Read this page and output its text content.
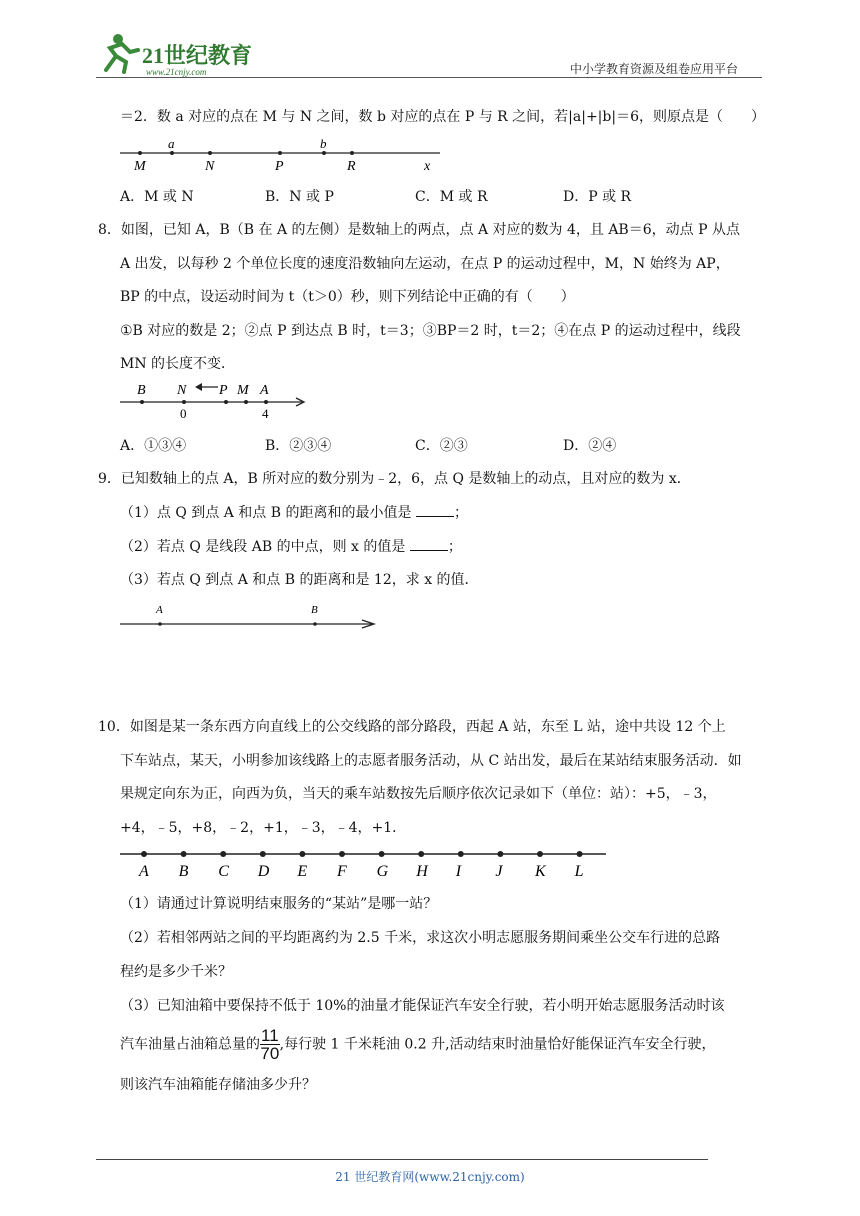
21世纪教育
www.21cnjy.com	中小学教育资源及组卷应用平台
＝2．数 a 对应的点在 M 与 N 之间，数 b 对应的点在 P 与 R 之间，若|a|+|b|＝6，则原点是（　　）
a	b
M	N	P	R	x
A．M 或 N	B．N 或 P	C．M 或 R	D．P 或 R
8．如图，已知 A，B（B 在 A 的左侧）是数轴上的两点，点 A 对应的数为 4，且 AB＝6，动点 P 从点
A 出发，以每秒 2 个单位长度的速度沿数轴向左运动，在点 P 的运动过程中，M，N 始终为 AP，
BP 的中点，设运动时间为 t（t＞0）秒，则下列结论中正确的有（　　）
①B 对应的数是 2；②点 P 到达点 B 时，t＝3；③BP＝2 时，t＝2；④在点 P 的运动过程中，线段
MN 的长度不变．
B N P M A
0	4
A．①③④	B．②③④	C．②③	D．②④
9．已知数轴上的点 A，B 所对应的数分别为﹣2，6，点 Q 是数轴上的动点，且对应的数为 x．
（1）点 Q 到点 A 和点 B 的距离和的最小值是	；
（2）若点 Q 是线段 AB 的中点，则 x 的值是	；
（3）若点 Q 到点 A 和点 B 的距离和是 12，求 x 的值．
A	B
10．如图是某一条东西方向直线上的公交线路的部分路段，西起 A 站，东至 L 站，途中共设 12 个上
下车站点，某天，小明参加该线路上的志愿者服务活动，从 C 站出发，最后在某站结束服务活动．如
果规定向东为正，向西为负，当天的乘车站数按先后顺序依次记录如下（单位：站）：+5，﹣3，
+4，﹣5，+8，﹣2，+1，﹣3，﹣4，+1．
A B C D E F G H I J K L
（1）请通过计算说明结束服务的“某站”是哪一站？
（2）若相邻两站之间的平均距离约为 2.5 千米，求这次小明志愿服务期间乘坐公交车行进的总路
程约是多少千米？
（3）已知油箱中要保持不低于 10%的油量才能保证汽车安全行驶，若小明开始志愿服务活动时该
汽车油量占油箱总量的 $\frac{11}{70}$ ,每行驶 1 千米耗油 0.2 升,活动结束时油量恰好能保证汽车安全行驶，
则该汽车油箱能存储油多少升？
21 世纪教育网(www.21cnjy.com)
